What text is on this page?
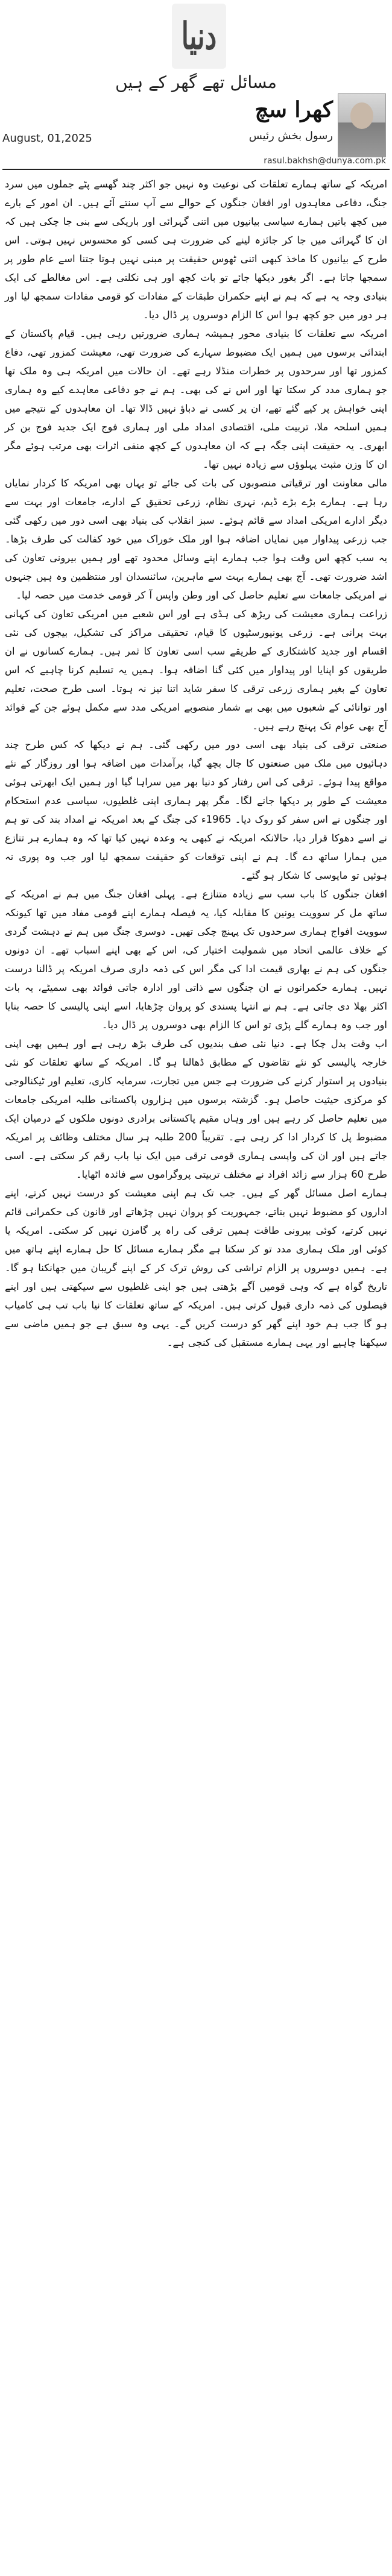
دنیا
مسائل تھے گھر کے ہیں
کھرا سچ
رسول بخش رئیس
August, 01,2025
rasul.bakhsh@dunya.com.pk

امریکہ کے ساتھ ہمارے تعلقات کی نوعیت وہ نہیں جو اکثر چند گھسے پٹے جملوں میں سرد جنگ، دفاعی معاہدوں اور افغان جنگوں کے حوالے سے آپ سنتے آئے ہیں۔ ان امور کے بارے میں کچھ باتیں ہمارے سیاسی بیانیوں میں اتنی گہرائی اور باریکی سے بنی جا چکی ہیں کہ ان کا گہرائی میں جا کر جائزہ لینے کی ضرورت ہی کسی کو محسوس نہیں ہوتی۔ اس طرح کے بیانیوں کا ماخذ کبھی اتنی ٹھوس حقیقت پر مبنی نہیں ہوتا جتنا اسے عام طور پر سمجھا جاتا ہے۔ اگر بغور دیکھا جائے تو بات کچھ اور ہی نکلتی ہے۔ اس مغالطے کی ایک بنیادی وجہ یہ ہے کہ ہم نے اپنے حکمران طبقات کے مفادات کو قومی مفادات سمجھ لیا اور ہر دور میں جو کچھ ہوا اس کا الزام دوسروں پر ڈال دیا۔

امریکہ سے تعلقات کا بنیادی محور ہمیشہ ہماری ضرورتیں رہی ہیں۔ قیام پاکستان کے ابتدائی برسوں میں ہمیں ایک مضبوط سہارے کی ضرورت تھی، معیشت کمزور تھی، دفاع کمزور تھا اور سرحدوں پر خطرات منڈلا رہے تھے۔ ان حالات میں امریکہ ہی وہ ملک تھا جو ہماری مدد کر سکتا تھا اور اس نے کی بھی۔ ہم نے جو دفاعی معاہدے کیے وہ ہماری اپنی خواہش پر کیے گئے تھے، ان پر کسی نے دباؤ نہیں ڈالا تھا۔ ان معاہدوں کے نتیجے میں ہمیں اسلحہ ملا، تربیت ملی، اقتصادی امداد ملی اور ہماری فوج ایک جدید فوج بن کر ابھری۔ یہ حقیقت اپنی جگہ ہے کہ ان معاہدوں کے کچھ منفی اثرات بھی مرتب ہوئے مگر ان کا وزن مثبت پہلوؤں سے زیادہ نہیں تھا۔

مالی معاونت اور ترقیاتی منصوبوں کی بات کی جائے تو یہاں بھی امریکہ کا کردار نمایاں رہا ہے۔ ہمارے بڑے بڑے ڈیم، نہری نظام، زرعی تحقیق کے ادارے، جامعات اور بہت سے دیگر ادارے امریکی امداد سے قائم ہوئے۔ سبز انقلاب کی بنیاد بھی اسی دور میں رکھی گئی جب زرعی پیداوار میں نمایاں اضافہ ہوا اور ملک خوراک میں خود کفالت کی طرف بڑھا۔ یہ سب کچھ اس وقت ہوا جب ہمارے اپنے وسائل محدود تھے اور ہمیں بیرونی تعاون کی اشد ضرورت تھی۔ آج بھی ہمارے بہت سے ماہرین، سائنسدان اور منتظمین وہ ہیں جنہوں نے امریکی جامعات سے تعلیم حاصل کی اور وطن واپس آ کر قومی خدمت میں حصہ لیا۔

زراعت ہماری معیشت کی ریڑھ کی ہڈی ہے اور اس شعبے میں امریکی تعاون کی کہانی بہت پرانی ہے۔ زرعی یونیورسٹیوں کا قیام، تحقیقی مراکز کی تشکیل، بیجوں کی نئی اقسام اور جدید کاشتکاری کے طریقے سب اسی تعاون کا ثمر ہیں۔ ہمارے کسانوں نے ان طریقوں کو اپنایا اور پیداوار میں کئی گنا اضافہ ہوا۔ ہمیں یہ تسلیم کرنا چاہیے کہ اس تعاون کے بغیر ہماری زرعی ترقی کا سفر شاید اتنا تیز نہ ہوتا۔ اسی طرح صحت، تعلیم اور توانائی کے شعبوں میں بھی بے شمار منصوبے امریکی مدد سے مکمل ہوئے جن کے فوائد آج بھی عوام تک پہنچ رہے ہیں۔

صنعتی ترقی کی بنیاد بھی اسی دور میں رکھی گئی۔ ہم نے دیکھا کہ کس طرح چند دہائیوں میں ملک میں صنعتوں کا جال بچھ گیا، برآمدات میں اضافہ ہوا اور روزگار کے نئے مواقع پیدا ہوئے۔ ترقی کی اس رفتار کو دنیا بھر میں سراہا گیا اور ہمیں ایک ابھرتی ہوئی معیشت کے طور پر دیکھا جانے لگا۔ مگر پھر ہماری اپنی غلطیوں، سیاسی عدم استحکام اور جنگوں نے اس سفر کو روک دیا۔ 1965ء کی جنگ کے بعد امریکہ نے امداد بند کی تو ہم نے اسے دھوکا قرار دیا، حالانکہ امریکہ نے کبھی یہ وعدہ نہیں کیا تھا کہ وہ ہمارے ہر تنازع میں ہمارا ساتھ دے گا۔ ہم نے اپنی توقعات کو حقیقت سمجھ لیا اور جب وہ پوری نہ ہوئیں تو مایوسی کا شکار ہو گئے۔

افغان جنگوں کا باب سب سے زیادہ متنازع ہے۔ پہلی افغان جنگ میں ہم نے امریکہ کے ساتھ مل کر سوویت یونین کا مقابلہ کیا، یہ فیصلہ ہمارے اپنے قومی مفاد میں تھا کیونکہ سوویت افواج ہماری سرحدوں تک پہنچ چکی تھیں۔ دوسری جنگ میں ہم نے دہشت گردی کے خلاف عالمی اتحاد میں شمولیت اختیار کی، اس کے بھی اپنے اسباب تھے۔ ان دونوں جنگوں کی ہم نے بھاری قیمت ادا کی مگر اس کی ذمہ داری صرف امریکہ پر ڈالنا درست نہیں۔ ہمارے حکمرانوں نے ان جنگوں سے ذاتی اور ادارہ جاتی فوائد بھی سمیٹے، یہ بات اکثر بھلا دی جاتی ہے۔ ہم نے انتہا پسندی کو پروان چڑھایا، اسے اپنی پالیسی کا حصہ بنایا اور جب وہ ہمارے گلے پڑی تو اس کا الزام بھی دوسروں پر ڈال دیا۔

اب وقت بدل چکا ہے۔ دنیا نئی صف بندیوں کی طرف بڑھ رہی ہے اور ہمیں بھی اپنی خارجہ پالیسی کو نئے تقاضوں کے مطابق ڈھالنا ہو گا۔ امریکہ کے ساتھ تعلقات کو نئی بنیادوں پر استوار کرنے کی ضرورت ہے جس میں تجارت، سرمایہ کاری، تعلیم اور ٹیکنالوجی کو مرکزی حیثیت حاصل ہو۔ گزشتہ برسوں میں ہزاروں پاکستانی طلبہ امریکی جامعات میں تعلیم حاصل کر رہے ہیں اور وہاں مقیم پاکستانی برادری دونوں ملکوں کے درمیان ایک مضبوط پل کا کردار ادا کر رہی ہے۔ تقریباً 200 طلبہ ہر سال مختلف وظائف پر امریکہ جاتے ہیں اور ان کی واپسی ہماری قومی ترقی میں ایک نیا باب رقم کر سکتی ہے۔ اسی طرح 60 ہزار سے زائد افراد نے مختلف تربیتی پروگراموں سے فائدہ اٹھایا۔

ہمارے اصل مسائل گھر کے ہیں۔ جب تک ہم اپنی معیشت کو درست نہیں کرتے، اپنے اداروں کو مضبوط نہیں بناتے، جمہوریت کو پروان نہیں چڑھاتے اور قانون کی حکمرانی قائم نہیں کرتے، کوئی بیرونی طاقت ہمیں ترقی کی راہ پر گامزن نہیں کر سکتی۔ امریکہ یا کوئی اور ملک ہماری مدد تو کر سکتا ہے مگر ہمارے مسائل کا حل ہمارے اپنے ہاتھ میں ہے۔ ہمیں دوسروں پر الزام تراشی کی روش ترک کر کے اپنے گریبان میں جھانکنا ہو گا۔ تاریخ گواہ ہے کہ وہی قومیں آگے بڑھتی ہیں جو اپنی غلطیوں سے سیکھتی ہیں اور اپنے فیصلوں کی ذمہ داری قبول کرتی ہیں۔ امریکہ کے ساتھ تعلقات کا نیا باب تب ہی کامیاب ہو گا جب ہم خود اپنے گھر کو درست کریں گے۔ یہی وہ سبق ہے جو ہمیں ماضی سے سیکھنا چاہیے اور یہی ہمارے مستقبل کی کنجی ہے۔
